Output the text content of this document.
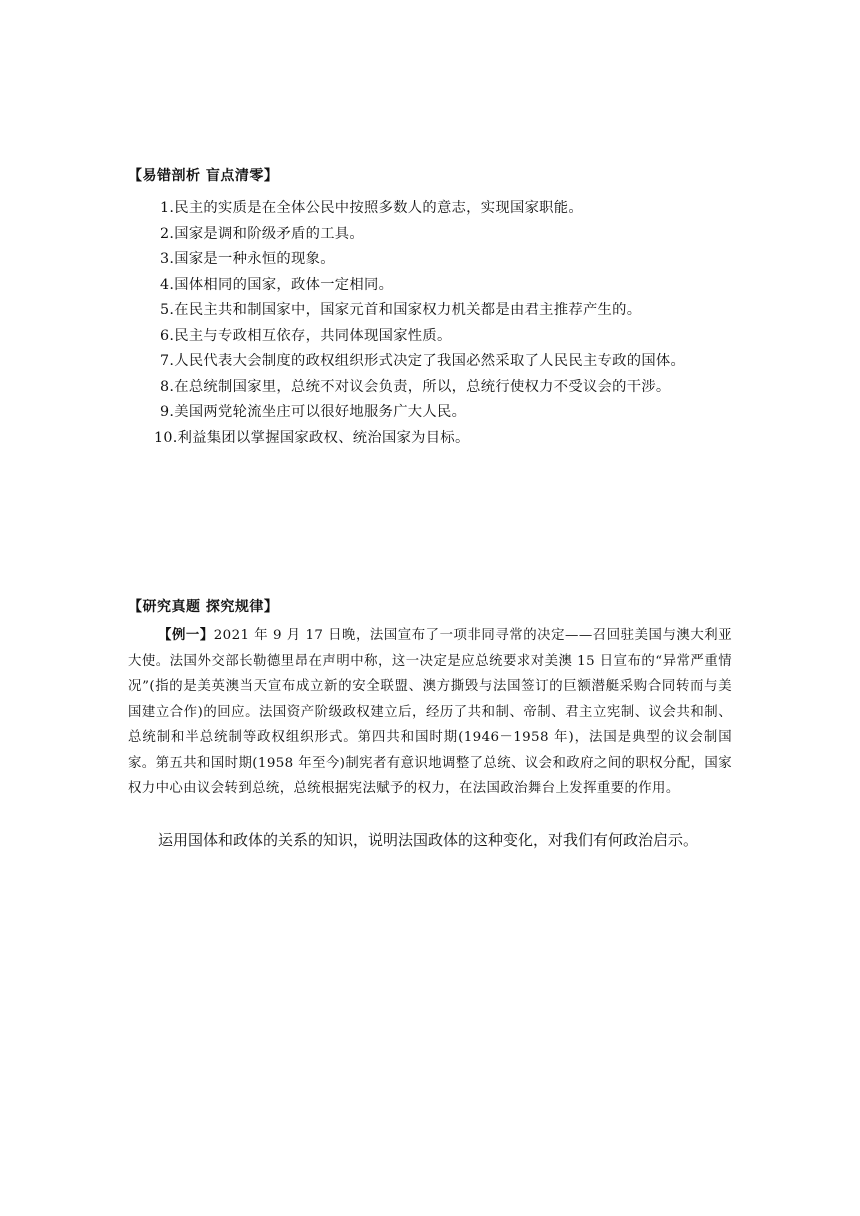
【易错剖析 盲点清零】
1.民主的实质是在全体公民中按照多数人的意志，实现国家职能。
2.国家是调和阶级矛盾的工具。
3.国家是一种永恒的现象。
4.国体相同的国家，政体一定相同。
5.在民主共和制国家中，国家元首和国家权力机关都是由君主推荐产生的。
6.民主与专政相互依存，共同体现国家性质。
7.人民代表大会制度的政权组织形式决定了我国必然采取了人民民主专政的国体。
8.在总统制国家里，总统不对议会负责，所以，总统行使权力不受议会的干涉。
9.美国两党轮流坐庄可以很好地服务广大人民。
10.利益集团以掌握国家政权、统治国家为目标。
【研究真题 探究规律】

【例一】2021 年 9 月 17 日晚，法国宣布了一项非同寻常的决定——召回驻美国与澳大利亚大使。法国外交部长勒德里昂在声明中称，这一决定是应总统要求对美澳 15 日宣布的“异常严重情况”(指的是美英澳当天宣布成立新的安全联盟、澳方撕毁与法国签订的巨额潜艇采购合同转而与美国建立合作)的回应。法国资产阶级政权建立后，经历了共和制、帝制、君主立宪制、议会共和制、总统制和半总统制等政权组织形式。第四共和国时期(1946－1958 年)，法国是典型的议会制国家。第五共和国时期(1958 年至今)制宪者有意识地调整了总统、议会和政府之间的职权分配，国家权力中心由议会转到总统，总统根据宪法赋予的权力，在法国政治舞台上发挥重要的作用。

运用国体和政体的关系的知识，说明法国政体的这种变化，对我们有何政治启示。
